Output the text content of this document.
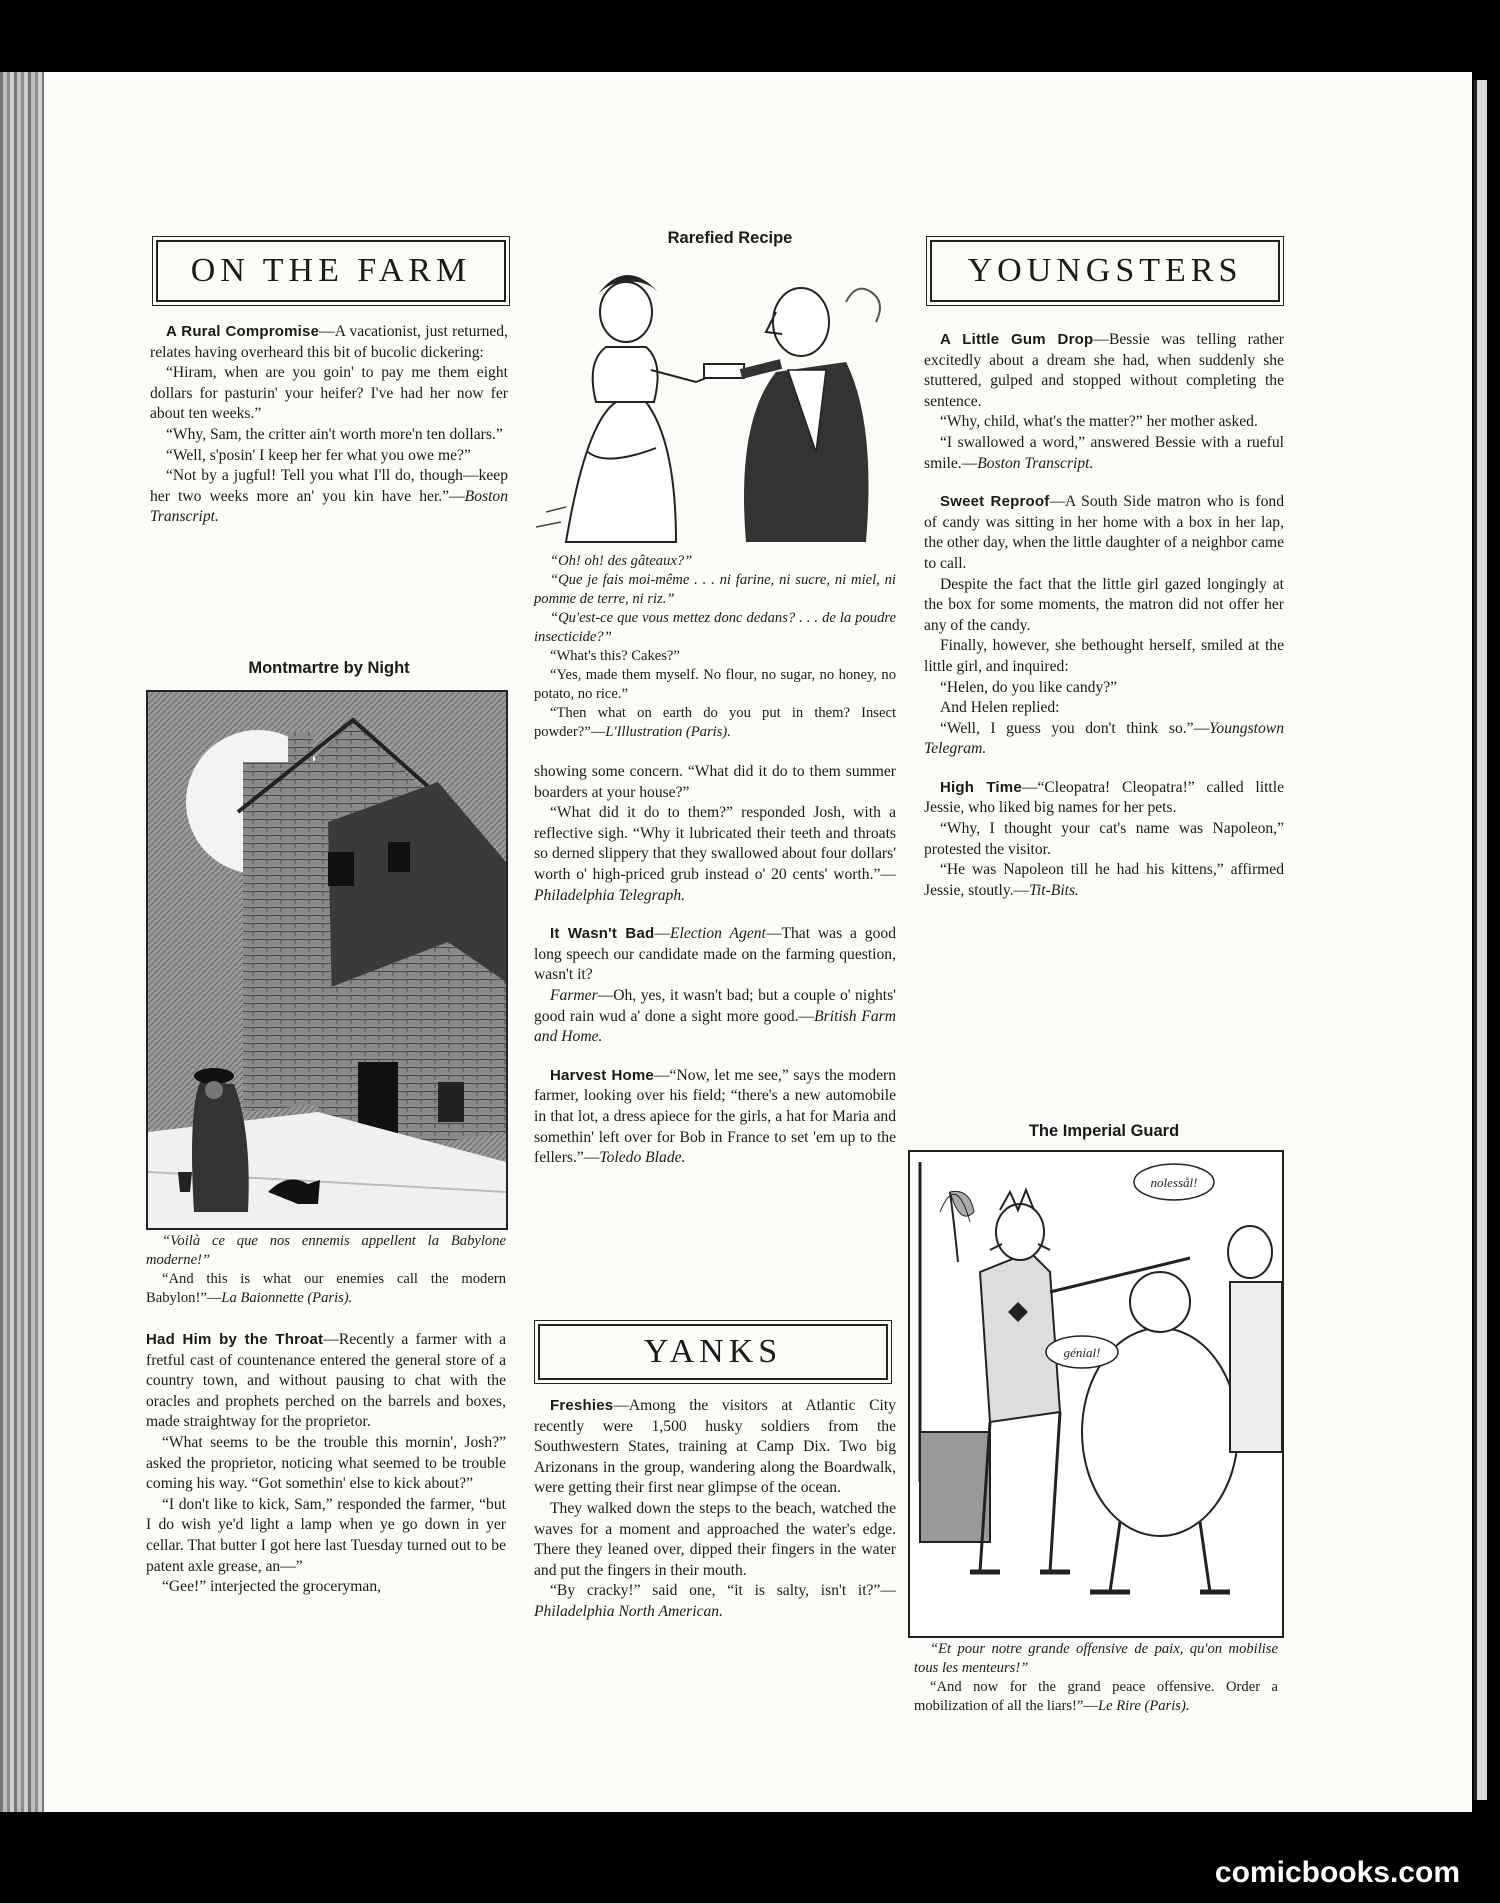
ON THE FARM

A Rural Compromise—A vacationist, just returned, relates having overheard this bit of bucolic dickering:

“Hiram, when are you goin' to pay me them eight dollars for pasturin' your heifer? I've had her now fer about ten weeks.”

“Why, Sam, the critter ain't worth more'n ten dollars.”

“Well, s'posin' I keep her fer what you owe me?”

“Not by a jugful! Tell you what I'll do, though—keep her two weeks more an' you kin have her.”—Boston Transcript.

Montmartre by Night

“Voilà ce que nos ennemis appellent la Babylone moderne!”

“And this is what our enemies call the modern Babylon!”—La Baionnette (Paris).

Had Him by the Throat—Recently a farmer with a fretful cast of countenance entered the general store of a country town, and without pausing to chat with the oracles and prophets perched on the barrels and boxes, made straightway for the proprietor.

“What seems to be the trouble this mornin', Josh?” asked the proprietor, noticing what seemed to be trouble coming his way. “Got somethin' else to kick about?”

“I don't like to kick, Sam,” responded the farmer, “but I do wish ye'd light a lamp when ye go down in yer cellar. That butter I got here last Tuesday turned out to be patent axle grease, an—”

“Gee!” interjected the groceryman,

Rarefied Recipe

“Oh! oh! des gâteaux?”

“Que je fais moi-même . . . ni farine, ni sucre, ni miel, ni pomme de terre, ni riz.”

“Qu'est-ce que vous mettez donc dedans? . . . de la poudre insecticide?”

“What's this? Cakes?”

“Yes, made them myself. No flour, no sugar, no honey, no potato, no rice.”

“Then what on earth do you put in them? Insect powder?”—L'Illustration (Paris).

showing some concern. “What did it do to them summer boarders at your house?”

“What did it do to them?” responded Josh, with a reflective sigh. “Why it lubricated their teeth and throats so derned slippery that they swallowed about four dollars' worth o' high-priced grub instead o' 20 cents' worth.”—Philadelphia Telegraph.

It Wasn't Bad—Election Agent—That was a good long speech our candidate made on the farming question, wasn't it?

Farmer—Oh, yes, it wasn't bad; but a couple o' nights' good rain wud a' done a sight more good.—British Farm and Home.

Harvest Home—“Now, let me see,” says the modern farmer, looking over his field; “there's a new automobile in that lot, a dress apiece for the girls, a hat for Maria and somethin' left over for Bob in France to set 'em up to the fellers.”—Toledo Blade.

YANKS

Freshies—Among the visitors at Atlantic City recently were 1,500 husky soldiers from the Southwestern States, training at Camp Dix. Two big Arizonans in the group, wandering along the Boardwalk, were getting their first near glimpse of the ocean.

They walked down the steps to the beach, watched the waves for a moment and approached the water's edge. There they leaned over, dipped their fingers in the water and put the fingers in their mouth.

“By cracky!” said one, “it is salty, isn't it?”—Philadelphia North American.

YOUNGSTERS

A Little Gum Drop—Bessie was telling rather excitedly about a dream she had, when suddenly she stuttered, gulped and stopped without completing the sentence.

“Why, child, what's the matter?” her mother asked.

“I swallowed a word,” answered Bessie with a rueful smile.—Boston Transcript.

Sweet Reproof—A South Side matron who is fond of candy was sitting in her home with a box in her lap, the other day, when the little daughter of a neighbor came to call.

Despite the fact that the little girl gazed longingly at the box for some moments, the matron did not offer her any of the candy.

Finally, however, she bethought herself, smiled at the little girl, and inquired:

“Helen, do you like candy?”

And Helen replied:

“Well, I guess you don't think so.”—Youngstown Telegram.

High Time—“Cleopatra! Cleopatra!” called little Jessie, who liked big names for her pets.

“Why, I thought your cat's name was Napoleon,” protested the visitor.

“He was Napoleon till he had his kittens,” affirmed Jessie, stoutly.—Tit-Bits.

The Imperial Guard
nolessål!
génial!

“Et pour notre grande offensive de paix, qu'on mobilise tous les menteurs!”

“And now for the grand peace offensive. Order a mobilization of all the liars!”—Le Rire (Paris).

comicbooks.com
